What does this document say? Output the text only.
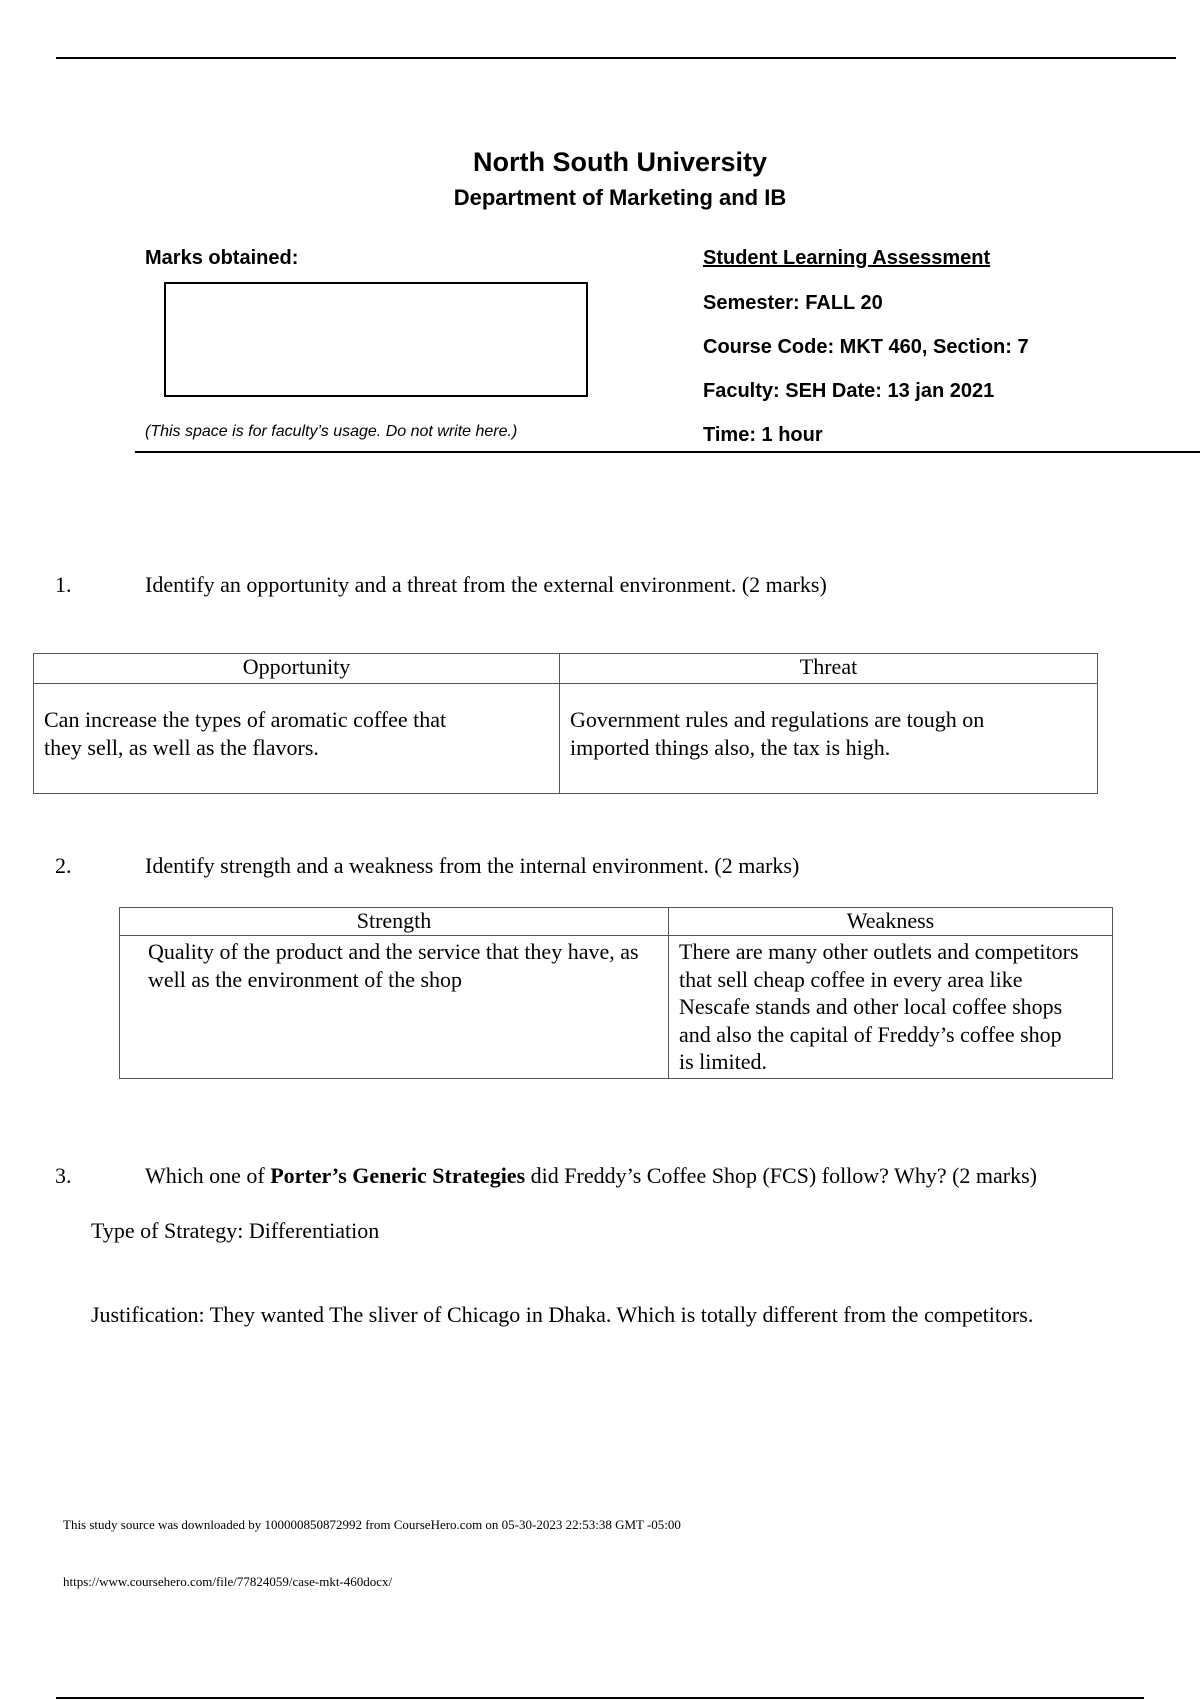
North South University
Department of Marketing and IB
Marks obtained:
(This space is for faculty’s usage. Do not write here.)
Student Learning Assessment
Semester: FALL 20
Course Code: MKT 460, Section: 7
Faculty: SEH Date: 13 jan 2021
Time: 1 hour
1.	Identify an opportunity and a threat from the external environment. (2 marks)
Opportunity	Threat

Can increase the types of aromatic coffee that they sell, as well as the flavors.	Government rules and regulations are tough on imported things also, the tax is high.
2.	Identify strength and a weakness from the internal environment. (2 marks)
Strength	Weakness

Quality of the product and the service that they have, as well as the environment of the shop	There are many other outlets and competitors that sell cheap coffee in every area like Nescafe stands and other local coffee shops and also the capital of Freddy’s coffee shop is limited.
3.	Which one of Porter’s Generic Strategies did Freddy’s Coffee Shop (FCS) follow? Why? (2 marks)
Type of Strategy: Differentiation
Justification: They wanted The sliver of Chicago in Dhaka. Which is totally different from the competitors.
This study source was downloaded by 100000850872992 from CourseHero.com on 05-30-2023 22:53:38 GMT -05:00
https://www.coursehero.com/file/77824059/case-mkt-460docx/
